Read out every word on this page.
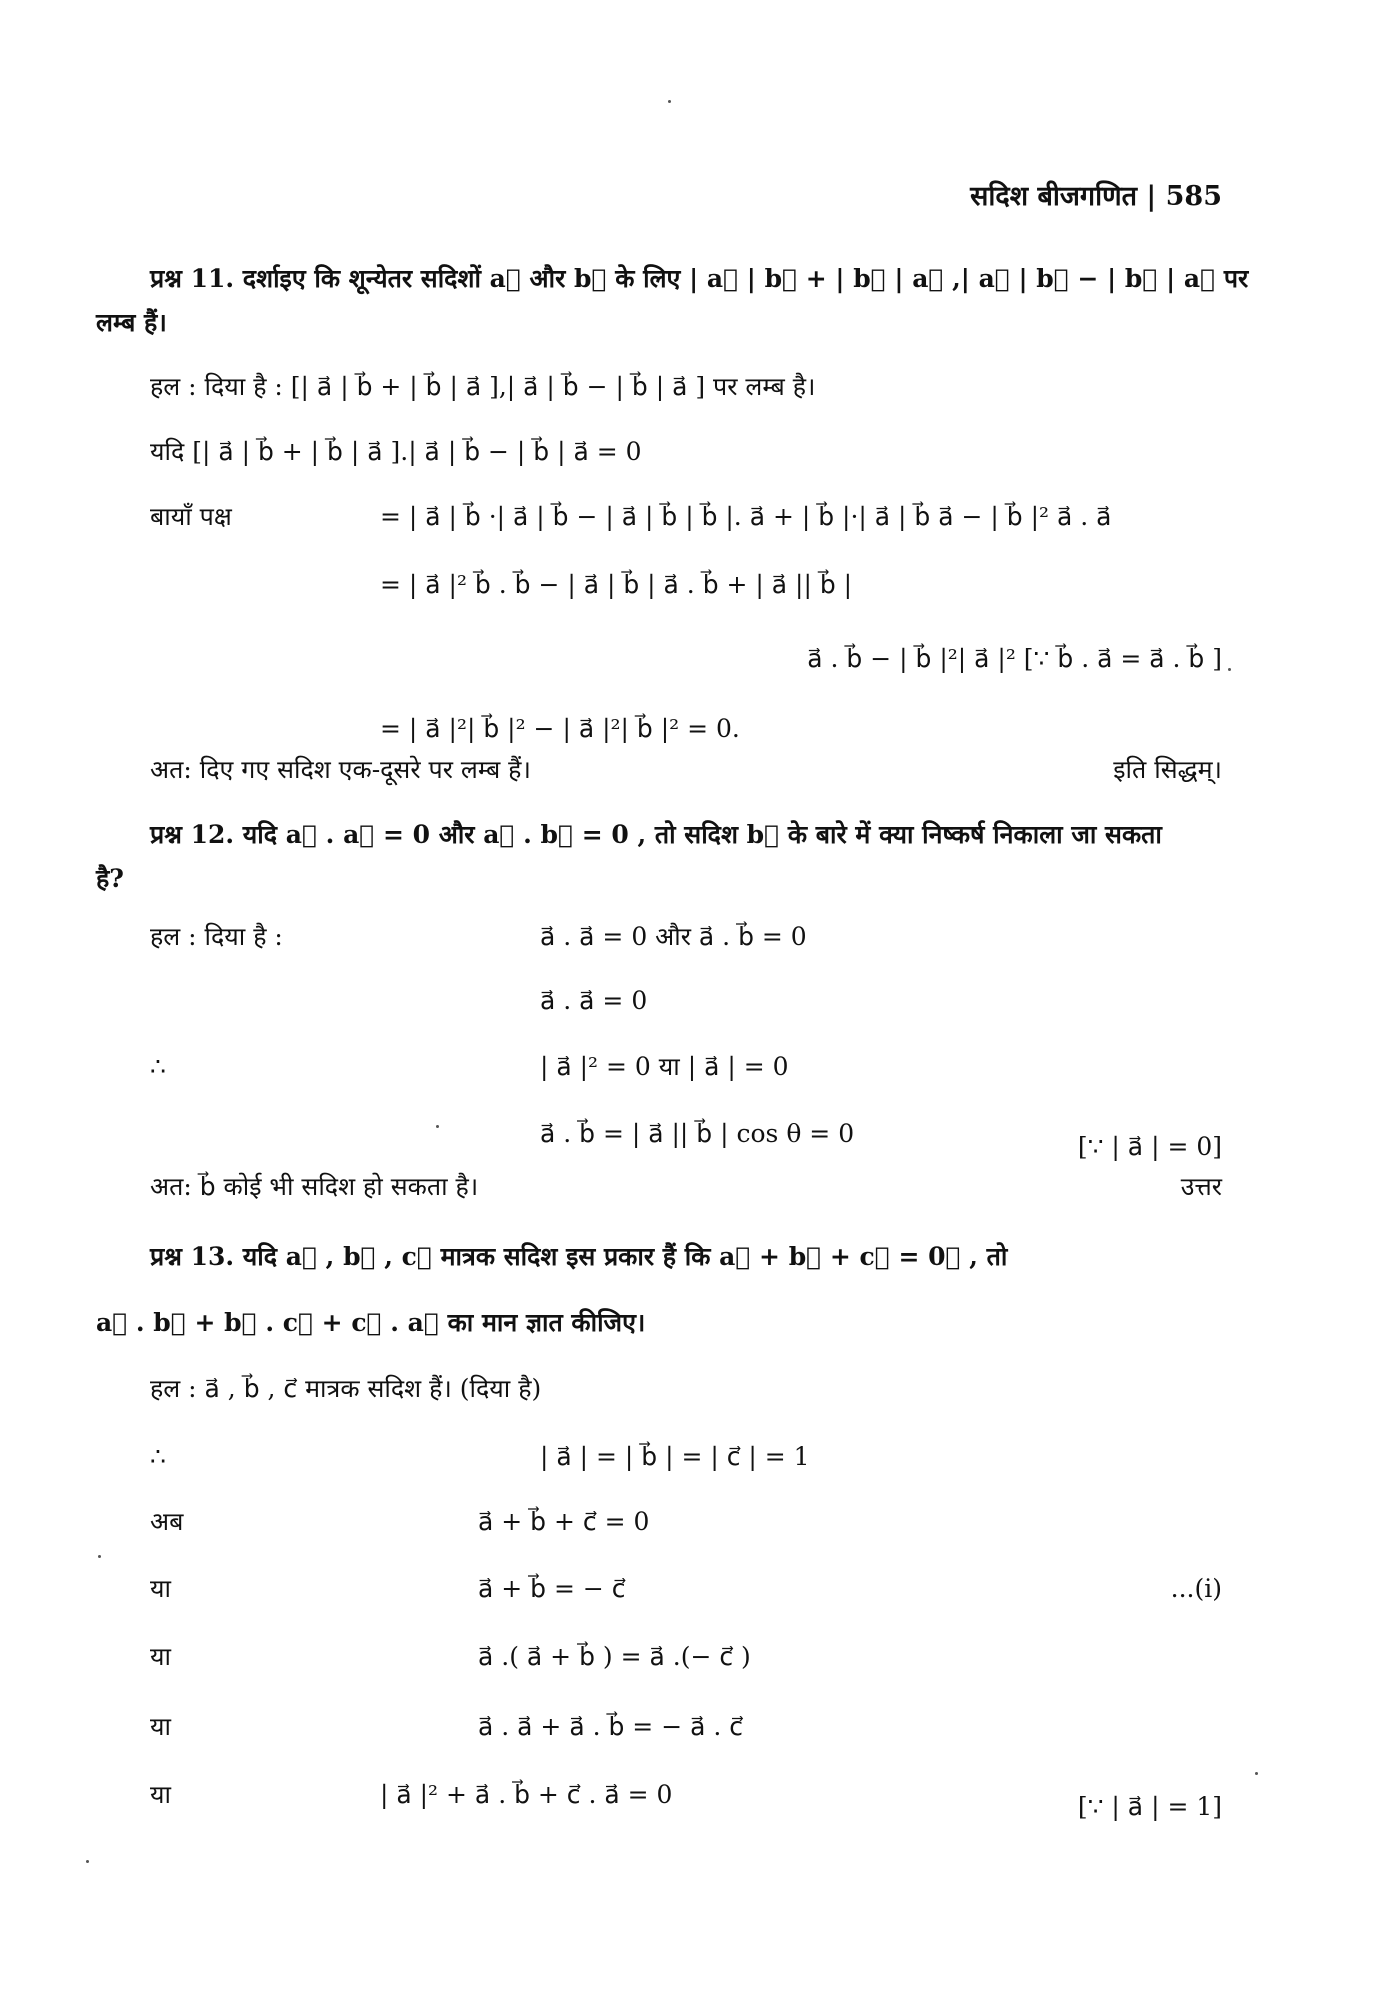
सदिश बीजगणित | 585
प्रश्न 11. दर्शाइए कि शून्येतर सदिशों a⃗ और b⃗ के लिए | a⃗ | b⃗ + | b⃗ | a⃗ ,| a⃗ | b⃗ − | b⃗ | a⃗ पर
लम्ब हैं।
हल : दिया है : [| a⃗ | b⃗ + | b⃗ | a⃗ ],| a⃗ | b⃗ − | b⃗ | a⃗ ] पर लम्ब है।
यदि [| a⃗ | b⃗ + | b⃗ | a⃗ ].| a⃗ | b⃗ − | b⃗ | a⃗ = 0
बायाँ पक्ष	= | a⃗ | b⃗ ·| a⃗ | b⃗ − | a⃗ | b⃗ | b⃗ |. a⃗ + | b⃗ |·| a⃗ | b⃗ a⃗ − | b⃗ |² a⃗ . a⃗
= | a⃗ |² b⃗ . b⃗ − | a⃗ | b⃗ | a⃗ . b⃗ + | a⃗ || b⃗ |
a⃗ . b⃗ − | b⃗ |²| a⃗ |² [∵ b⃗ . a⃗ = a⃗ . b⃗ ]
= | a⃗ |²| b⃗ |² − | a⃗ |²| b⃗ |² = 0.
अत: दिए गए सदिश एक-दूसरे पर लम्ब हैं।	इति सिद्धम्।
प्रश्न 12. यदि a⃗ . a⃗ = 0 और a⃗ . b⃗ = 0 , तो सदिश b⃗ के बारे में क्या निष्कर्ष निकाला जा सकता
है?
हल : दिया है :	a⃗ . a⃗ = 0 और a⃗ . b⃗ = 0
a⃗ . a⃗ = 0
∴	| a⃗ |² = 0 या | a⃗ | = 0
a⃗ . b⃗ = | a⃗ || b⃗ | cos θ = 0	[∵ | a⃗ | = 0]
अत: b⃗ कोई भी सदिश हो सकता है।	उत्तर
प्रश्न 13. यदि a⃗ , b⃗ , c⃗ मात्रक सदिश इस प्रकार हैं कि a⃗ + b⃗ + c⃗ = 0⃗ , तो
a⃗ . b⃗ + b⃗ . c⃗ + c⃗ . a⃗ का मान ज्ञात कीजिए।
हल : a⃗ , b⃗ , c⃗ मात्रक सदिश हैं। (दिया है)
∴	| a⃗ | = | b⃗ | = | c⃗ | = 1
अब	a⃗ + b⃗ + c⃗ = 0
या	a⃗ + b⃗ = − c⃗	...(i)
या	a⃗ .( a⃗ + b⃗ ) = a⃗ .(− c⃗ )
या	a⃗ . a⃗ + a⃗ . b⃗ = − a⃗ . c⃗
या	| a⃗ |² + a⃗ . b⃗ + c⃗ . a⃗ = 0	[∵ | a⃗ | = 1]
